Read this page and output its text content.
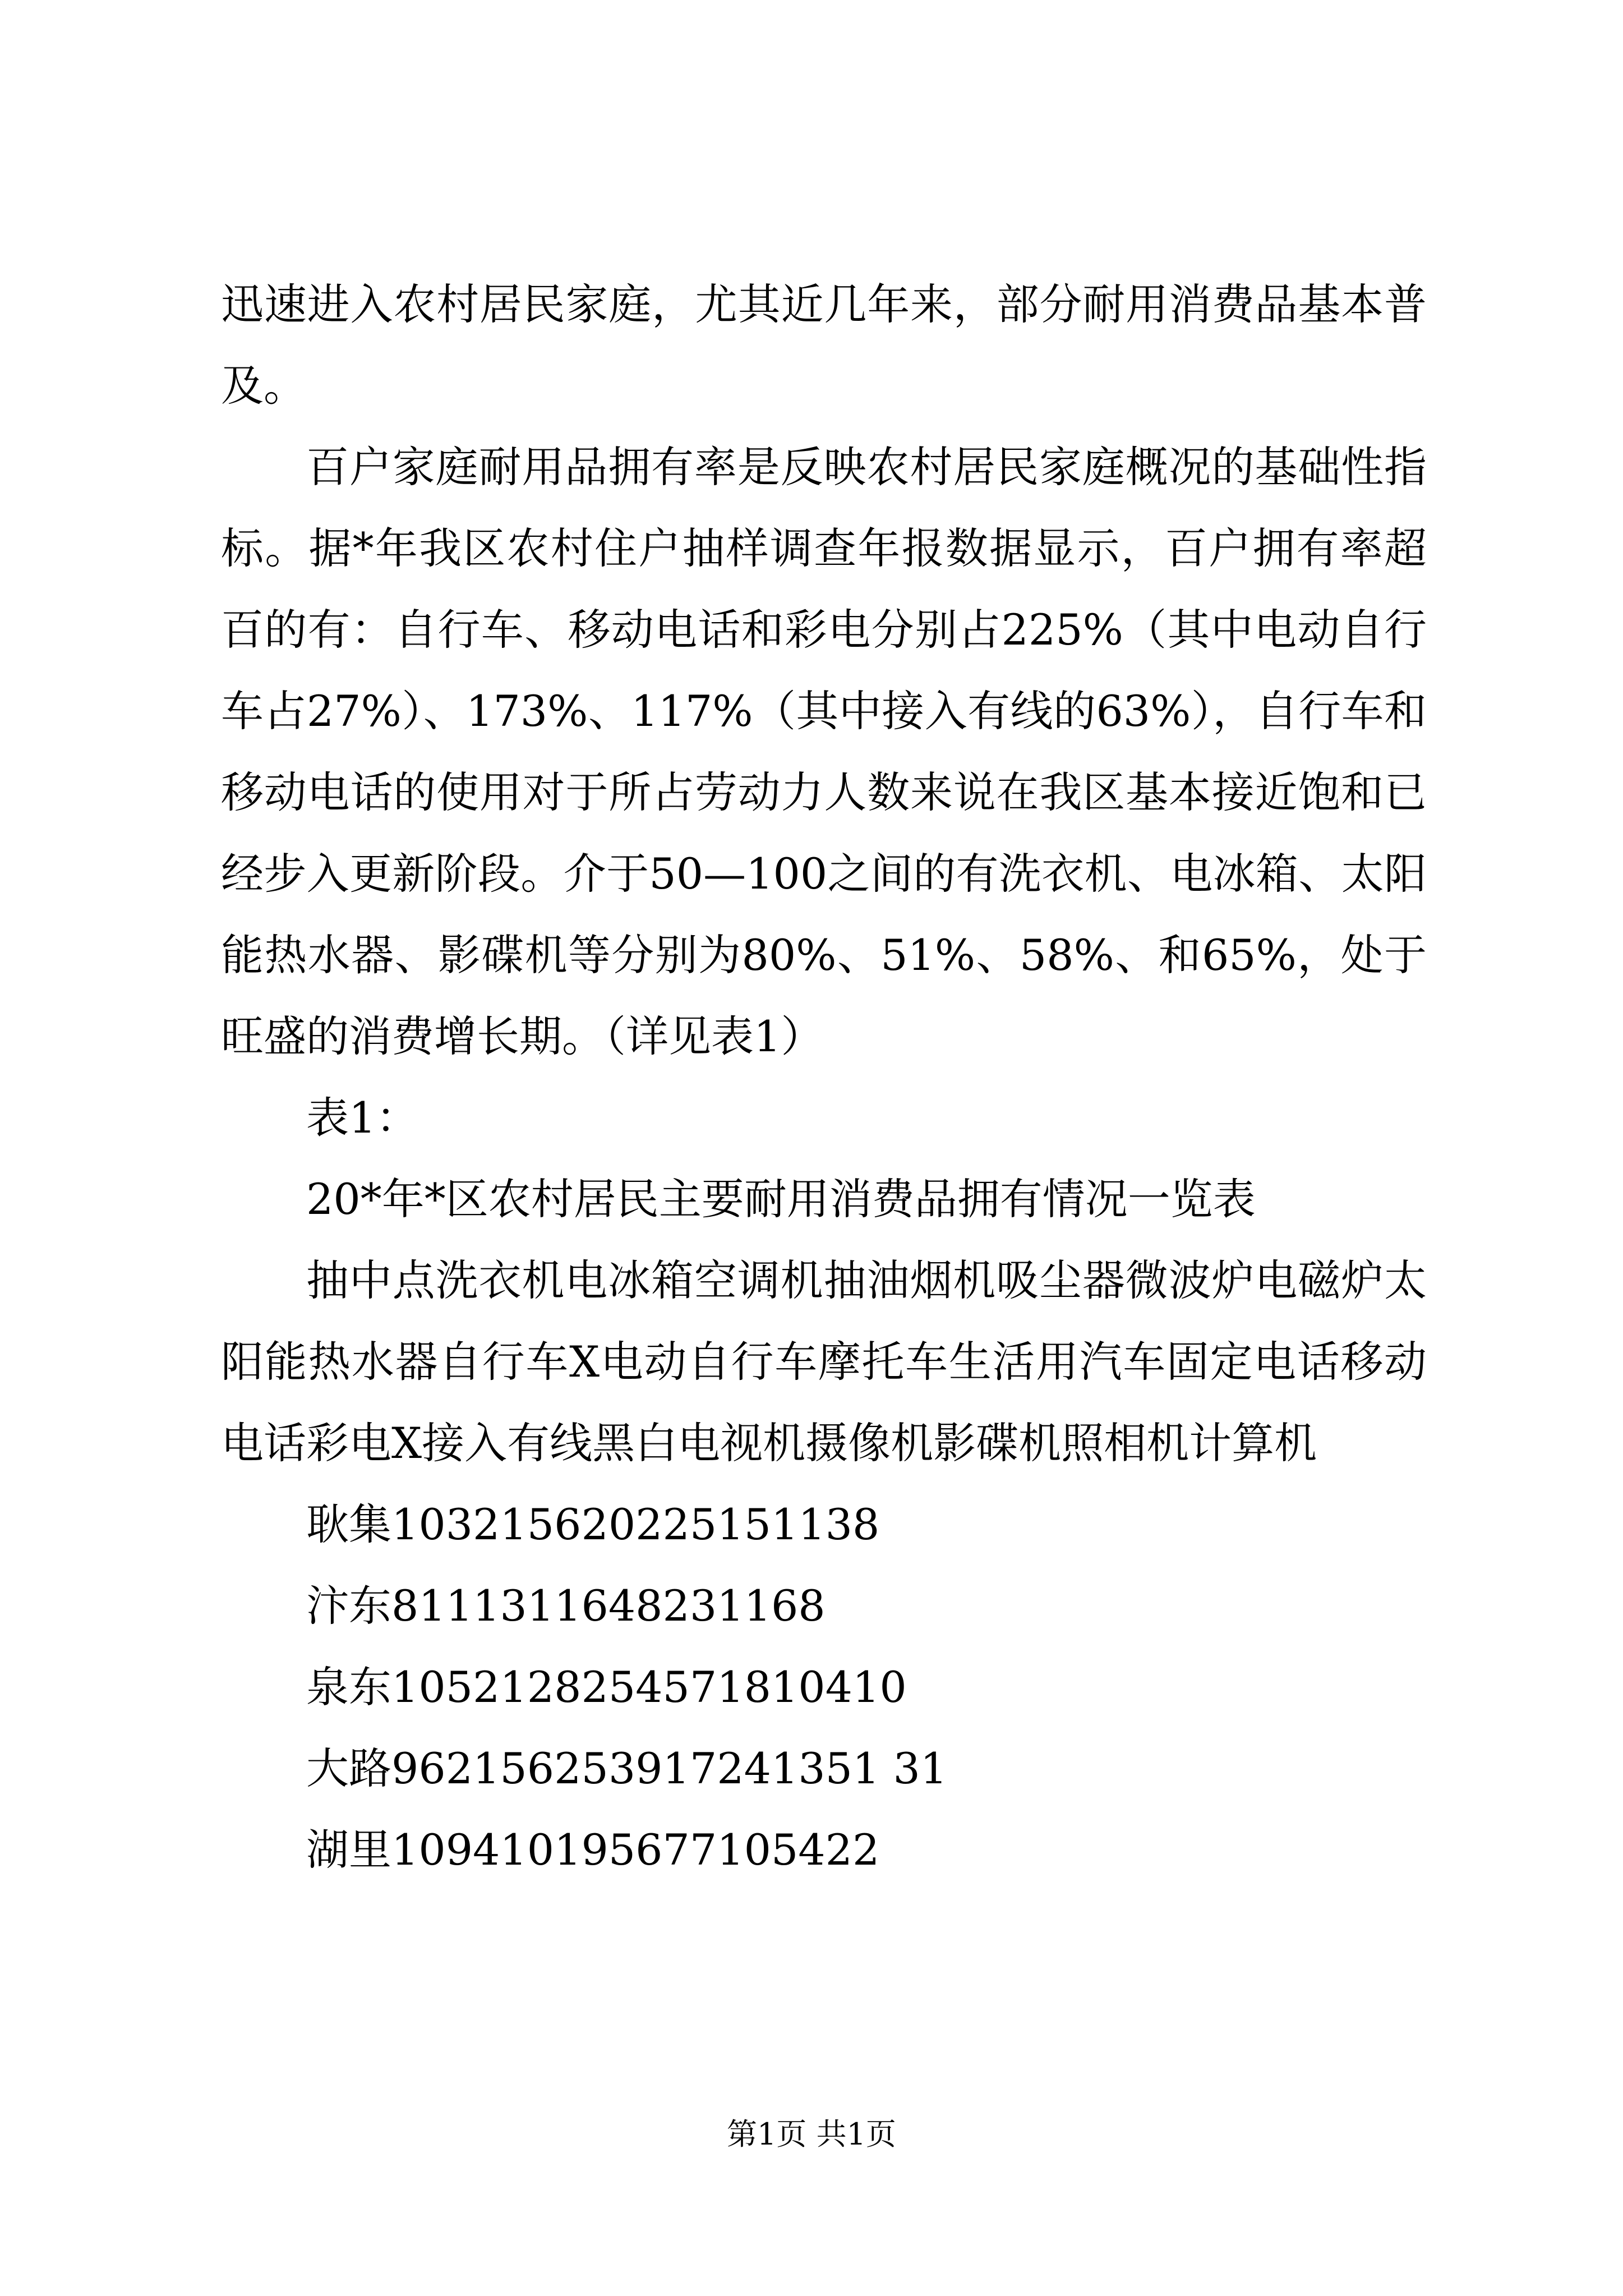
迅速进入农村居民家庭，尤其近几年来，部分耐用消费品基本普及。

百户家庭耐用品拥有率是反映农村居民家庭概况的基础性指标。据*年我区农村住户抽样调查年报数据显示，百户拥有率超百的有：自行车、移动电话和彩电分别占225%（其中电动自行车占27%）、173%、117%（其中接入有线的63%），自行车和移动电话的使用对于所占劳动力人数来说在我区基本接近饱和已经步入更新阶段。介于50—100之间的有洗衣机、电冰箱、太阳能热水器、影碟机等分别为80%、51%、58%、和65%，处于旺盛的消费增长期。（详见表1）

表1：

20*年*区农村居民主要耐用消费品拥有情况一览表

抽中点洗衣机电冰箱空调机抽油烟机吸尘器微波炉电磁炉太阳能热水器自行车X电动自行车摩托车生活用汽车固定电话移动电话彩电X接入有线黑白电视机摄像机影碟机照相机计算机

耿集103215620225151138

汴东8111311648231168

泉东1052128254571810410

大路962156253917241351 31

湖里109410195677105422

第1页 共1页
